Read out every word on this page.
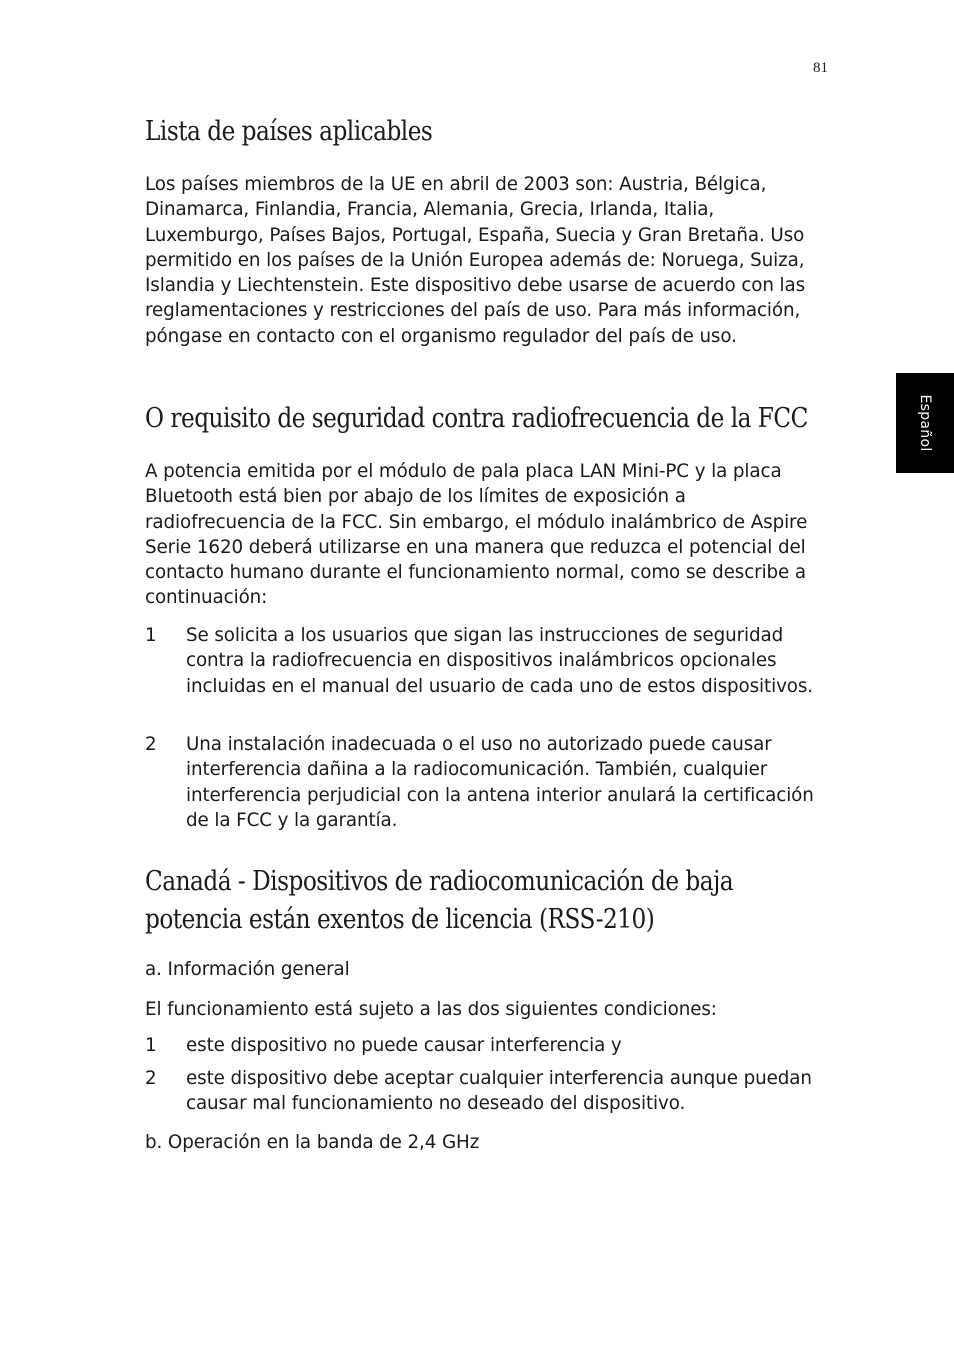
81
Español
Lista de países aplicables

Los países miembros de la UE en abril de 2003 son: Austria, Bélgica, Dinamarca, Finlandia, Francia, Alemania, Grecia, Irlanda, Italia, Luxemburgo, Países Bajos, Portugal, España, Suecia y Gran Bretaña. Uso permitido en los países de la Unión Europea además de: Noruega, Suiza, Islandia y Liechtenstein. Este dispositivo debe usarse de acuerdo con las reglamentaciones y restricciones del país de uso. Para más información, póngase en contacto con el organismo regulador del país de uso.

O requisito de seguridad contra radiofrecuencia de la FCC

A potencia emitida por el módulo de pala placa LAN Mini-PC y la placa Bluetooth está bien por abajo de los límites de exposición a radiofrecuencia de la FCC. Sin embargo, el módulo inalámbrico de Aspire Serie 1620 deberá utilizarse en una manera que reduzca el potencial del contacto humano durante el funcionamiento normal, como se describe a continuación:

1 Se solicita a los usuarios que sigan las instrucciones de seguridad contra la radiofrecuencia en dispositivos inalámbricos opcionales incluidas en el manual del usuario de cada uno de estos dispositivos.
2 Una instalación inadecuada o el uso no autorizado puede causar interferencia dañina a la radiocomunicación. También, cualquier interferencia perjudicial con la antena interior anulará la certificación de la FCC y la garantía.
Canadá - Dispositivos de radiocomunicación de baja potencia están exentos de licencia (RSS-210)

a. Información general

El funcionamiento está sujeto a las dos siguientes condiciones:

1 este dispositivo no puede causar interferencia y
2 este dispositivo debe aceptar cualquier interferencia aunque puedan causar mal funcionamiento no deseado del dispositivo.

b. Operación en la banda de 2,4 GHz
